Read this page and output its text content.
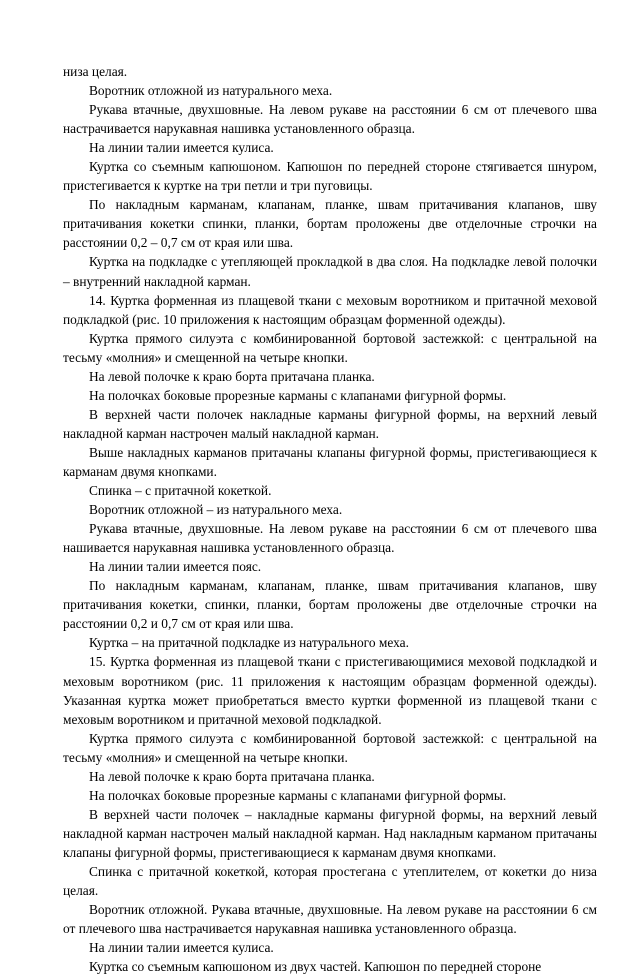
низа целая.

Воротник отложной из натурального меха.

Рукава втачные, двухшовные. На левом рукаве на расстоянии 6 см от плечевого шва настрачивается нарукавная нашивка установленного образца.

На линии талии имеется кулиса.

Куртка со съемным капюшоном. Капюшон по передней стороне стягивается шнуром, пристегивается к куртке на три петли и три пуговицы.

По накладным карманам, клапанам, планке, швам притачивания клапанов, шву притачивания кокетки спинки, планки, бортам проложены две отделочные строчки на расстоянии 0,2 – 0,7 см от края или шва.

Куртка на подкладке с утепляющей прокладкой в два слоя. На подкладке левой полочки – внутренний накладной карман.

14. Куртка форменная из плащевой ткани с меховым воротником и притачной меховой подкладкой (рис. 10 приложения к настоящим образцам форменной одежды).

Куртка прямого силуэта с комбинированной бортовой застежкой: с центральной на тесьму «молния» и смещенной на четыре кнопки.

На левой полочке к краю борта притачана планка.

На полочках боковые прорезные карманы с клапанами фигурной формы.

В верхней части полочек накладные карманы фигурной формы, на верхний левый накладной карман настрочен малый накладной карман.

Выше накладных карманов притачаны клапаны фигурной формы, пристегивающиеся к карманам двумя кнопками.

Спинка – с притачной кокеткой.

Воротник отложной – из натурального меха.

Рукава втачные, двухшовные. На левом рукаве на расстоянии 6 см от плечевого шва нашивается нарукавная нашивка установленного образца.

На линии талии имеется пояс.

По накладным карманам, клапанам, планке, швам притачивания клапанов, шву притачивания кокетки, спинки, планки, бортам проложены две отделочные строчки на расстоянии 0,2 и 0,7 см от края или шва.

Куртка – на притачной подкладке из натурального меха.

15. Куртка форменная из плащевой ткани с пристегивающимися меховой подкладкой и меховым воротником (рис. 11 приложения к настоящим образцам форменной одежды). Указанная куртка может приобретаться вместо куртки форменной из плащевой ткани с меховым воротником и притачной меховой подкладкой.

Куртка прямого силуэта с комбинированной бортовой застежкой: с центральной на тесьму «молния» и смещенной на четыре кнопки.

На левой полочке к краю борта притачана планка.

На полочках боковые прорезные карманы с клапанами фигурной формы.

В верхней части полочек – накладные карманы фигурной формы, на верхний левый накладной карман настрочен малый накладной карман. Над накладным карманом притачаны клапаны фигурной формы, пристегивающиеся к карманам двумя кнопками.

Спинка с притачной кокеткой, которая простегана с утеплителем, от кокетки до низа целая.

Воротник отложной. Рукава втачные, двухшовные. На левом рукаве на расстоянии 6 см от плечевого шва настрачивается нарукавная нашивка установленного образца.

На линии талии имеется кулиса.

Куртка со съемным капюшоном из двух частей. Капюшон по передней стороне
